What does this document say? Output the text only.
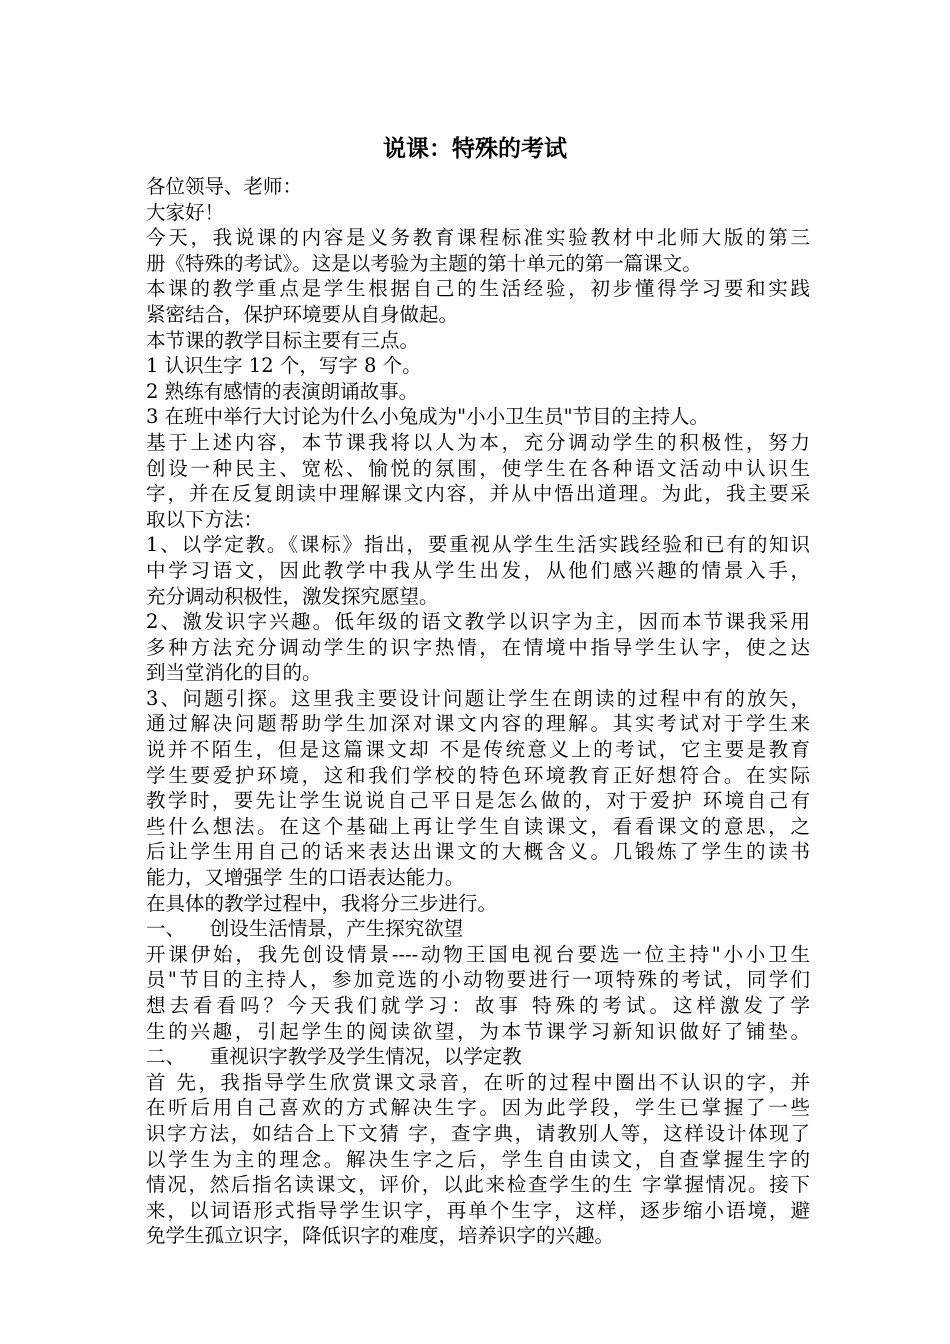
说课：特殊的考试
各位领导、老师：
大家好！
今天，我说课的内容是义务教育课程标准实验教材中北师大版的第三
册《特殊的考试》。这是以考验为主题的第十单元的第一篇课文。
本课的教学重点是学生根据自己的生活经验，初步懂得学习要和实践
紧密结合，保护环境要从自身做起。
本节课的教学目标主要有三点。
1 认识生字 12 个，写字 8 个。
2 熟练有感情的表演朗诵故事。
3 在班中举行大讨论为什么小兔成为"小小卫生员"节目的主持人。
基于上述内容，本节课我将以人为本，充分调动学生的积极性，努力
创设一种民主、宽松、愉悦的氛围，使学生在各种语文活动中认识生
字，并在反复朗读中理解课文内容，并从中悟出道理。为此，我主要采
取以下方法：
1、以学定教。《课标》指出，要重视从学生生活实践经验和已有的知识
中学习语文，因此教学中我从学生出发，从他们感兴趣的情景入手，
充分调动积极性，激发探究愿望。
2、激发识字兴趣。低年级的语文教学以识字为主，因而本节课我采用
多种方法充分调动学生的识字热情，在情境中指导学生认字，使之达
到当堂消化的目的。
3、问题引探。这里我主要设计问题让学生在朗读的过程中有的放矢，
通过解决问题帮助学生加深对课文内容的理解。其实考试对于学生来
说并不陌生，但是这篇课文却 不是传统意义上的考试，它主要是教育
学生要爱护环境，这和我们学校的特色环境教育正好想符合。在实际
教学时，要先让学生说说自己平日是怎么做的，对于爱护 环境自己有
些什么想法。在这个基础上再让学生自读课文，看看课文的意思，之
后让学生用自己的话来表达出课文的大概含义。几锻炼了学生的读书
能力，又增强学 生的口语表达能力。
在具体的教学过程中，我将分三步进行。
一、    创设生活情景，产生探究欲望
开课伊始，我先创设情景----动物王国电视台要选一位主持"小小卫生
员"节目的主持人，参加竞选的小动物要进行一项特殊的考试，同学们
想去看看吗？今天我们就学习：故事 特殊的考试。这样激发了学
生的兴趣，引起学生的阅读欲望，为本节课学习新知识做好了铺垫。
二、    重视识字教学及学生情况，以学定教
首 先，我指导学生欣赏课文录音，在听的过程中圈出不认识的字，并
在听后用自己喜欢的方式解决生字。因为此学段，学生已掌握了一些
识字方法，如结合上下文猜 字，查字典，请教别人等，这样设计体现了
以学生为主的理念。解决生字之后，学生自由读文，自查掌握生字的
情况，然后指名读课文，评价，以此来检查学生的生 字掌握情况。接下
来，以词语形式指导学生识字，再单个生字，这样，逐步缩小语境，避
免学生孤立识字，降低识字的难度，培养识字的兴趣。
